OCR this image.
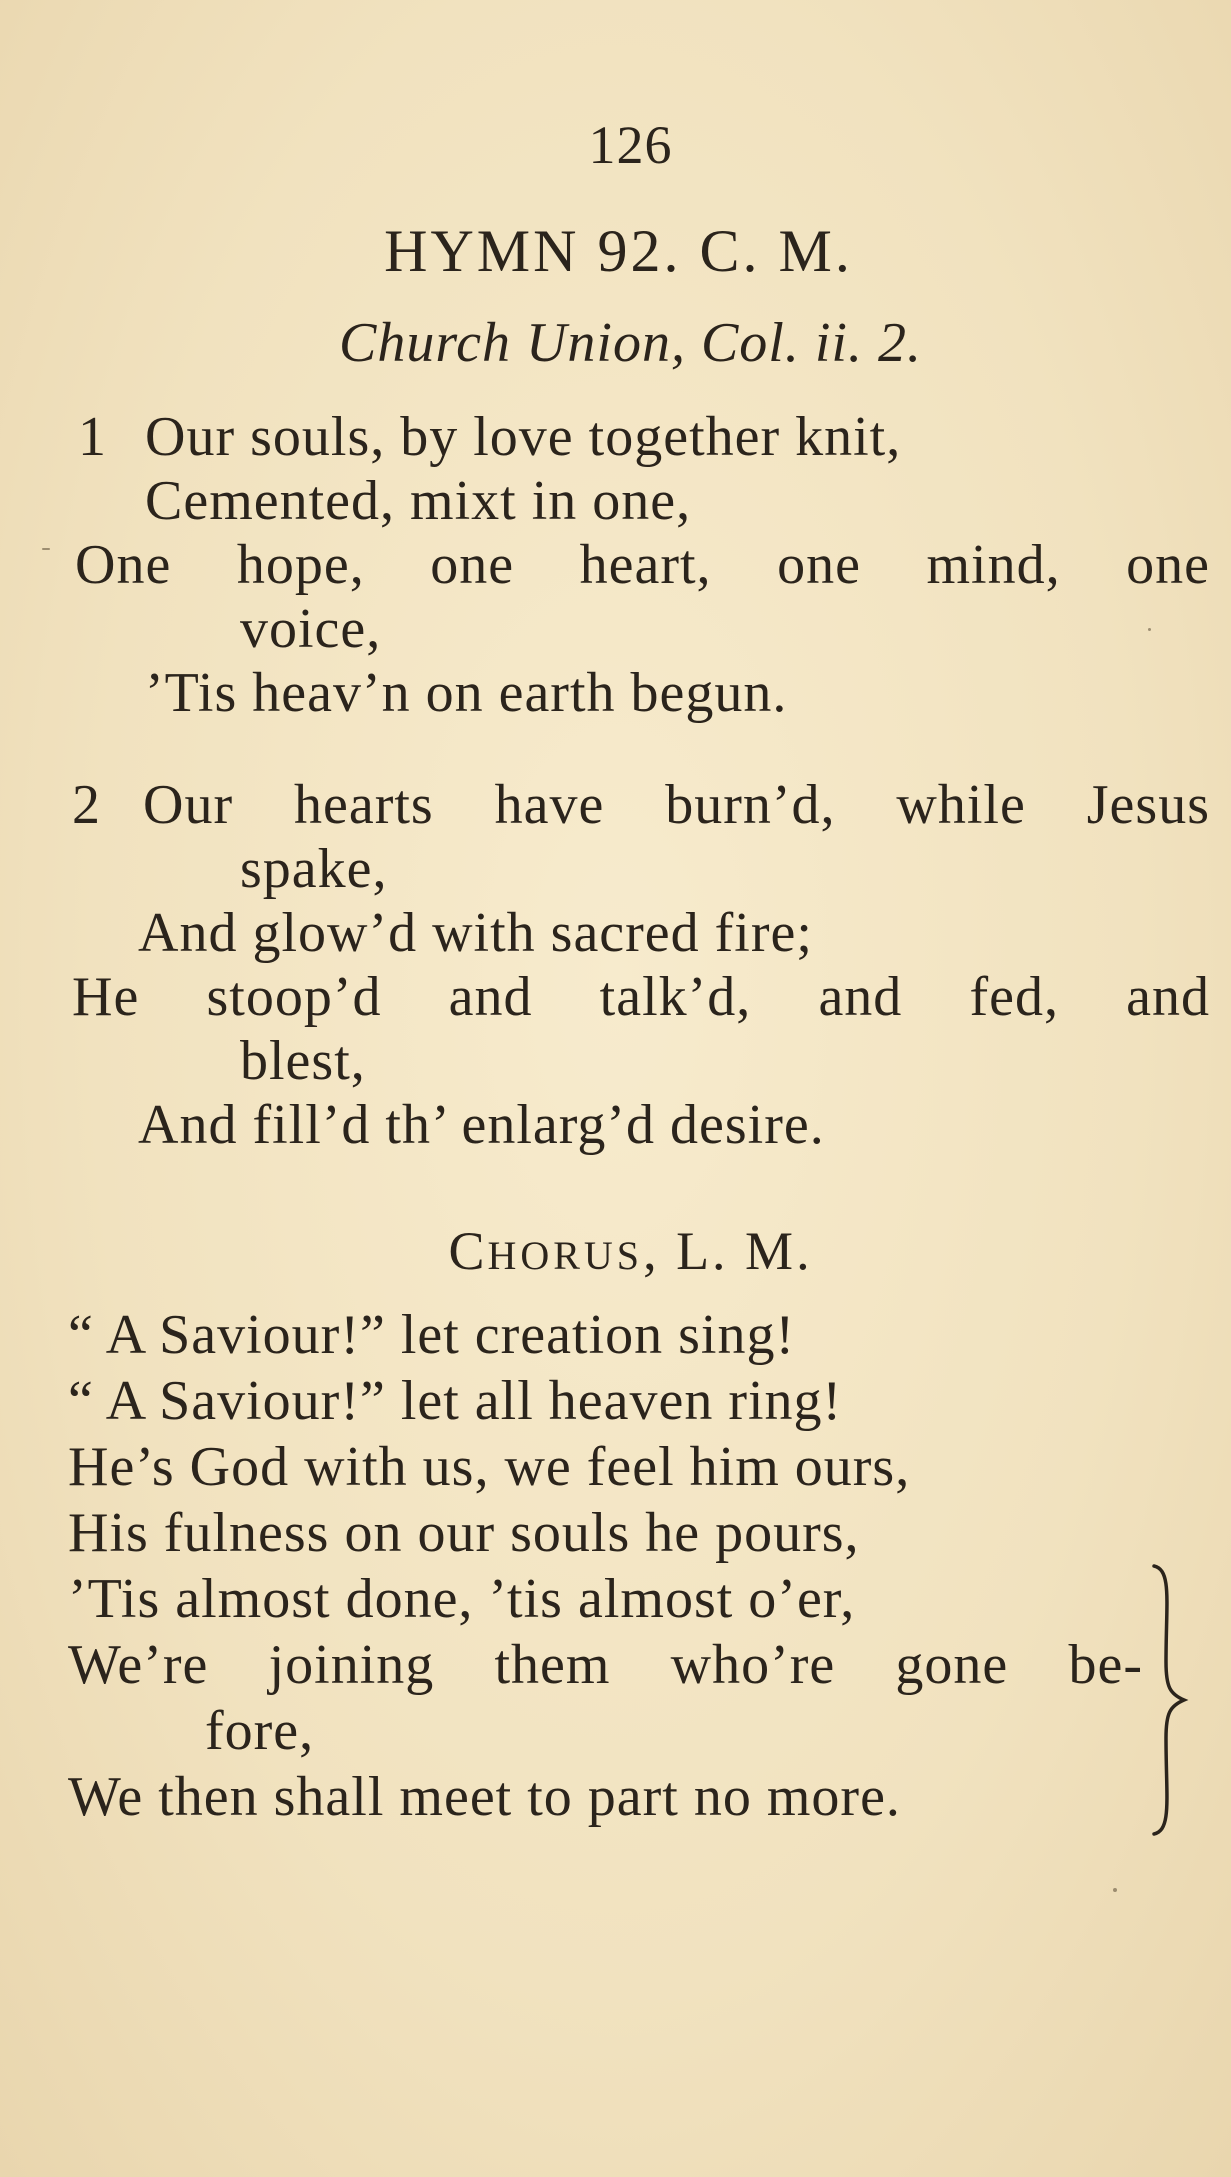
126
HYMN 92. C. M.
Church Union, Col. ii. 2.
1 Our souls, by love together knit,
Cemented, mixt in one,
One hope, one heart, one mind, one
voice,
’Tis heav’n on earth begun.
2 Our hearts have burn’d, while Jesus
spake,
And glow’d with sacred fire;
He stoop’d and talk’d, and fed, and
blest,
And fill’d th’ enlarg’d desire.
CHORUS, L. M.
“ A Saviour!” let creation sing!
“ A Saviour!” let all heaven ring!
He’s God with us, we feel him ours,
His fulness on our souls he pours,
’Tis almost done, ’tis almost o’er,
We’re joining them who’re gone be-
fore,
We then shall meet to part no more.
